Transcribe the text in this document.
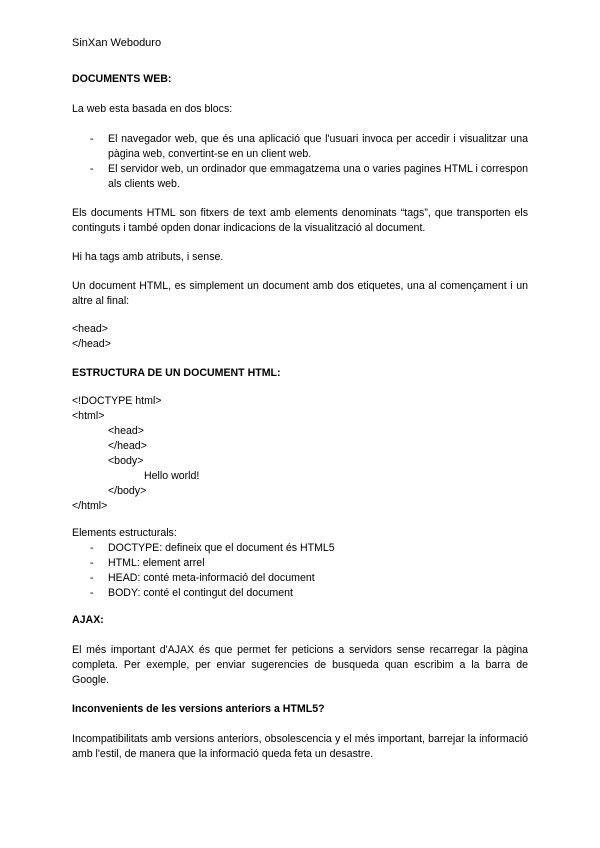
SinXan Weboduro
DOCUMENTS WEB:
La web esta basada en dos blocs:
- El navegador web, que és una aplicació que l'usuari invoca per accedir i visualitzar una pàgina web, convertint-se en un client web.
- El servidor web, un ordinador que emmagatzema una o varies pagines HTML i correspon als clients web.
Els documents HTML son fitxers de text amb elements denominats “tags”, que transporten els continguts i també opden donar indicacions de la visualització al document.
Hi ha tags amb atributs, i sense.
Un document HTML, es simplement un document amb dos etiquetes, una al començament i un altre al final:
<head>
</head>
ESTRUCTURA DE UN DOCUMENT HTML:
<!DOCTYPE html>
<html>
<head>
</head>
<body>
Hello world!
</body>
</html>
Elements estructurals:
- DOCTYPE: defineix que el document és HTML5
- HTML: element arrel
- HEAD: conté meta-informació del document
- BODY: conté el contingut del document
AJAX:
El més important d'AJAX és que permet fer peticions a servidors sense recarregar la pàgina completa. Per exemple, per enviar sugerencies de busqueda quan escribim a la barra de Google.
Inconvenients de les versions anteriors a HTML5?
Incompatibilitats amb versions anteriors, obsolescencia y el més important, barrejar la informació amb l'estil, de manera que la informació queda feta un desastre.
